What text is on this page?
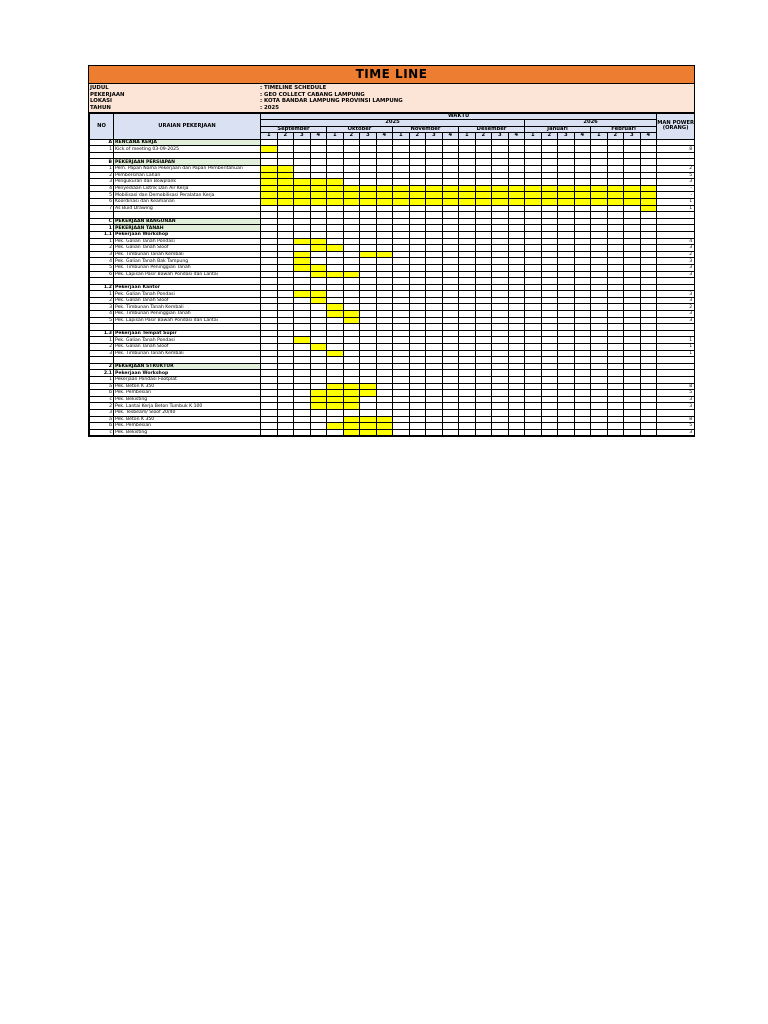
TIME LINE
JUDUL	: TIMELINE SCHEDULE
PEKERJAAN	: GEO COLLECT CABANG LAMPUNG
LOKASI	: KOTA BANDAR LAMPUNG PROVINSI LAMPUNG
TAHUN	: 2025
NO	URAIAN PEKERJAAN	WAKTU																								MAN POWER (ORANG)
		2025																2026								
		September				Oktober				November				Desember				Januari				Februari				
		1	2	3	4	1	2	3	4	1	2	3	4	1	2	3	4	1	2	3	4	1	2	3	4	
A	RENCANA KERJA																									
1	Kick of meeting 03-09-2025																									8

B	PEKERJAAN PERSIAPAN																									
1	Pem. Papan Nama Pekerjaan dan Papan Pemberitahuan																									2
2	Pembersihan Lahan																									5
3	Pengukuran dan Bowplank																									3
4	Penyediaan Listrik Dan Air Kerja																									-
5	Mobilisasi dan Demobilisasi Peralatan Kerja																									-
6	Koordinasi dan Keamanan																									1
7	As Buid Drawing																									1

C	PEKERJAAN BANGUNAN																									
1	PEKERJAAN TANAH																									
1.1	Pekerjaan Workshop																									
1	Pek. Galian Tanah Pondasi																									4
2	Pek. Galian Tanah Sloof																									3
3	Pek. Timbunan Tanah Kembali																									2
4	Pek. Galian Tanah Bak Tampung																									3
5	Pek. Timbunan Peninggian Tanah																									3
6	Pek. Lapisan Pasir Bawah Pondasi dan Lantai																									3

1.2	Pekerjaan Kantor																									
1	Pek. Galian Tanah Pondasi																									3
2	Pek. Galian Tanah Sloof																									3
3	Pek. Timbunan Tanah Kembali																									2
4	Pek. Timbunan Peninggian Tanah																									3
5	Pek. Lapisan Pasir Bawah Pondasi dan Lantai																									3

1.3	Pekerjaan Tempat Supir																									
1	Pek. Galian Tanah Pondasi																									1
2	Pek. Galian Tanah Sloof																									1
3	Pek. Timbunan Tanah Kembali																									1

2	PEKERJAAN STRUKTUR																									
2.1	Pekerjaan Workshop																									
1	Pekerjaan Pondasi Footplat																									
a	Pek. Beton K 350																									8
b	Pek. Pembesian																									5
c	Pek. Bekisting																									3
2	Pek. Lantai Kerja Beton Tumbuk K 100																									3
3	Pek. Tesbeam/ Sloof 20/40																									
a	Pek. Beton K 350																									8
b	Pek. Pembesian																									5
c	Pek. Bekisting																									3
